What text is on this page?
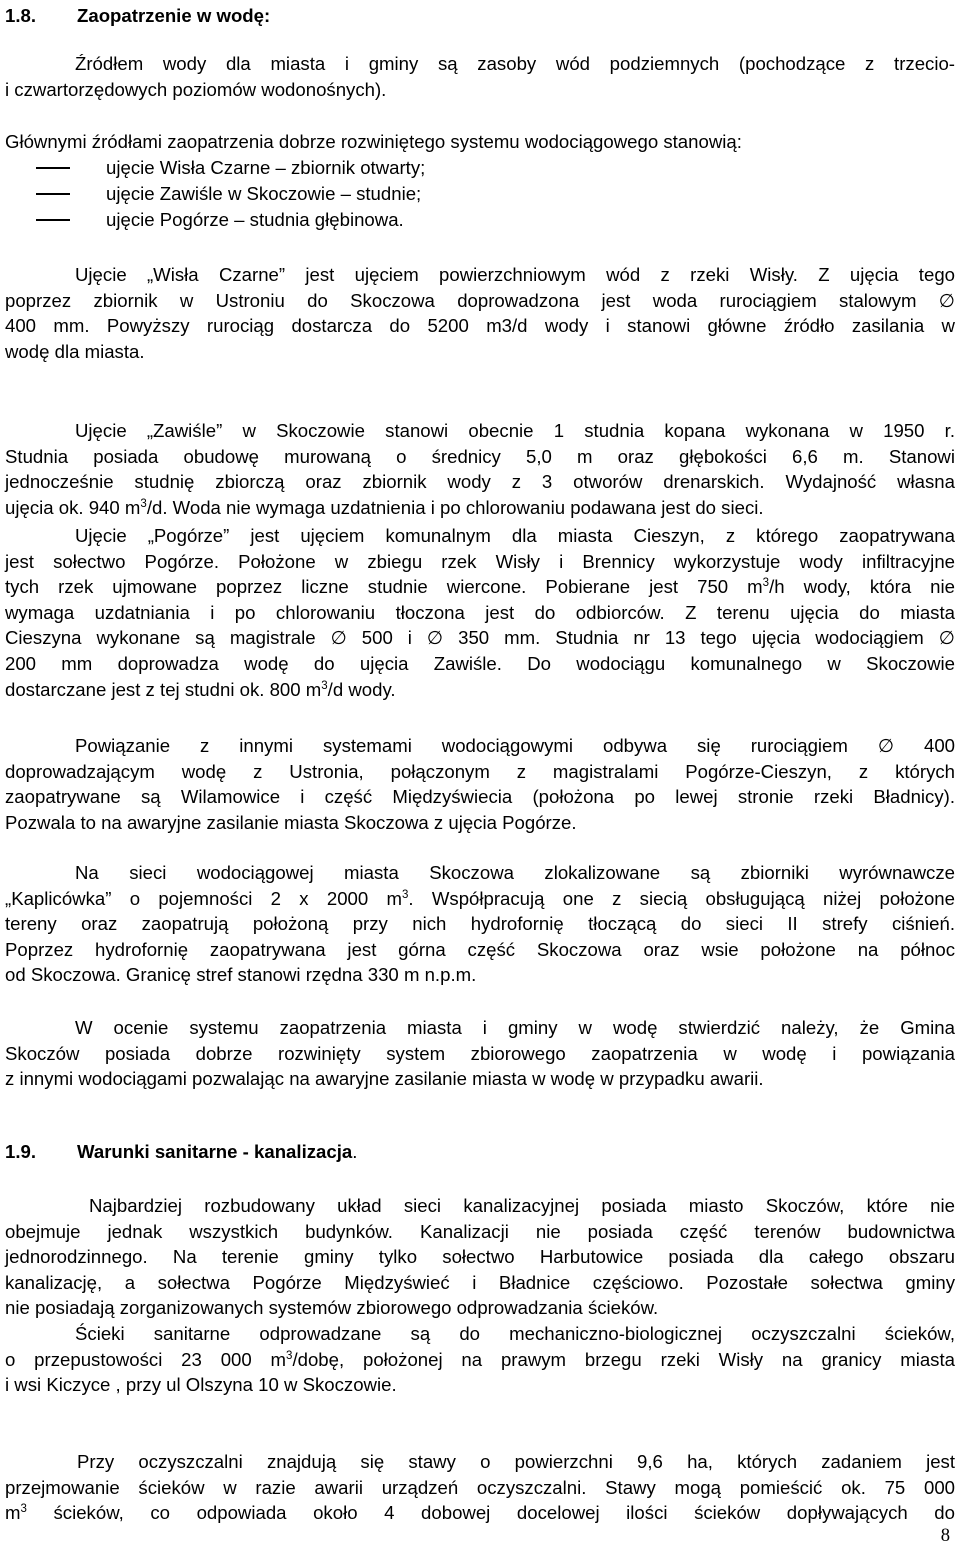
1.8. Zaopatrzenie w wodę:
Źródłem wody dla miasta i gminy są zasoby wód podziemnych (pochodzące z trzecio-
i czwartorzędowych poziomów wodonośnych).
Głównymi źródłami zaopatrzenia dobrze rozwiniętego systemu wodociągowego stanowią:
ujęcie Wisła Czarne – zbiornik otwarty;
ujęcie Zawiśle w Skoczowie – studnie;
ujęcie Pogórze – studnia głębinowa.
Ujęcie „Wisła Czarne” jest ujęciem powierzchniowym wód z rzeki Wisły. Z ujęcia tego
poprzez zbiornik w Ustroniu do Skoczowa doprowadzona jest woda rurociągiem stalowym ∅
400 mm. Powyższy rurociąg dostarcza do 5200 m3/d wody i stanowi główne źródło zasilania w
wodę dla miasta.
Ujęcie „Zawiśle” w Skoczowie stanowi obecnie 1 studnia kopana wykonana w 1950 r.
Studnia posiada obudowę murowaną o średnicy 5,0 m oraz głębokości 6,6 m. Stanowi
jednocześnie studnię zbiorczą oraz zbiornik wody z 3 otworów drenarskich. Wydajność własna
ujęcia ok. 940 $m^3/d$. Woda nie wymaga uzdatnienia i po chlorowaniu podawana jest do sieci.
Ujęcie „Pogórze” jest ujęciem komunalnym dla miasta Cieszyn, z którego zaopatrywana
jest sołectwo Pogórze. Położone w zbiegu rzek Wisły i Brennicy wykorzystuje wody infiltracyjne
tych rzek ujmowane poprzez liczne studnie wiercone. Pobierane jest 750 $m^3/h$ wody, która nie
wymaga uzdatniania i po chlorowaniu tłoczona jest do odbiorców. Z terenu ujęcia do miasta
Cieszyna wykonane są magistrale ∅ 500 i ∅ 350 mm. Studnia nr 13 tego ujęcia wodociągiem ∅
200 mm doprowadza wodę do ujęcia Zawiśle. Do wodociągu komunalnego w Skoczowie
dostarczane jest z tej studni ok. 800 $m^3/d$ wody.
Powiązanie z innymi systemami wodociągowymi odbywa się rurociągiem ∅ 400
doprowadzającym wodę z Ustronia, połączonym z magistralami Pogórze-Cieszyn, z których
zaopatrywane są Wilamowice i część Międzyświecia (położona po lewej stronie rzeki Bładnicy).
Pozwala to na awaryjne zasilanie miasta Skoczowa z ujęcia Pogórze.
Na sieci wodociągowej miasta Skoczowa zlokalizowane są zbiorniki wyrównawcze
„Kaplicówka” o pojemności 2 x 2000 $m^3$. Współpracują one z siecią obsługującą niżej położone
tereny oraz zaopatrują położoną przy nich hydrofornię tłoczącą do sieci II strefy ciśnień.
Poprzez hydrofornię zaopatrywana jest górna część Skoczowa oraz wsie położone na północ
od Skoczowa. Granicę stref stanowi rzędna 330 m n.p.m.
W ocenie systemu zaopatrzenia miasta i gminy w wodę stwierdzić należy, że Gmina
Skoczów posiada dobrze rozwinięty system zbiorowego zaopatrzenia w wodę i powiązania
z innymi wodociągami pozwalając na awaryjne zasilanie miasta w wodę w przypadku awarii.
1.9. Warunki sanitarne - kanalizacja.
Najbardziej rozbudowany układ sieci kanalizacyjnej posiada miasto Skoczów, które nie
obejmuje jednak wszystkich budynków. Kanalizacji nie posiada część terenów budownictwa
jednorodzinnego. Na terenie gminy tylko sołectwo Harbutowice posiada dla całego obszaru
kanalizację, a sołectwa Pogórze Międzyświeć i Bładnice częściowo. Pozostałe sołectwa gminy
nie posiadają zorganizowanych systemów zbiorowego odprowadzania ścieków.
Ścieki sanitarne odprowadzane są do mechaniczno-biologicznej oczyszczalni ścieków,
o przepustowości 23 000 $m^3$/dobę, położonej na prawym brzegu rzeki Wisły na granicy miasta
i wsi Kiczyce , przy ul Olszyna 10 w Skoczowie.
Przy oczyszczalni znajdują się stawy o powierzchni 9,6 ha, których zadaniem jest
przejmowanie ścieków w razie awarii urządzeń oczyszczalni. Stawy mogą pomieścić ok. 75 000
$m^3$ ścieków, co odpowiada około 4 dobowej docelowej ilości ścieków dopływających do
8
